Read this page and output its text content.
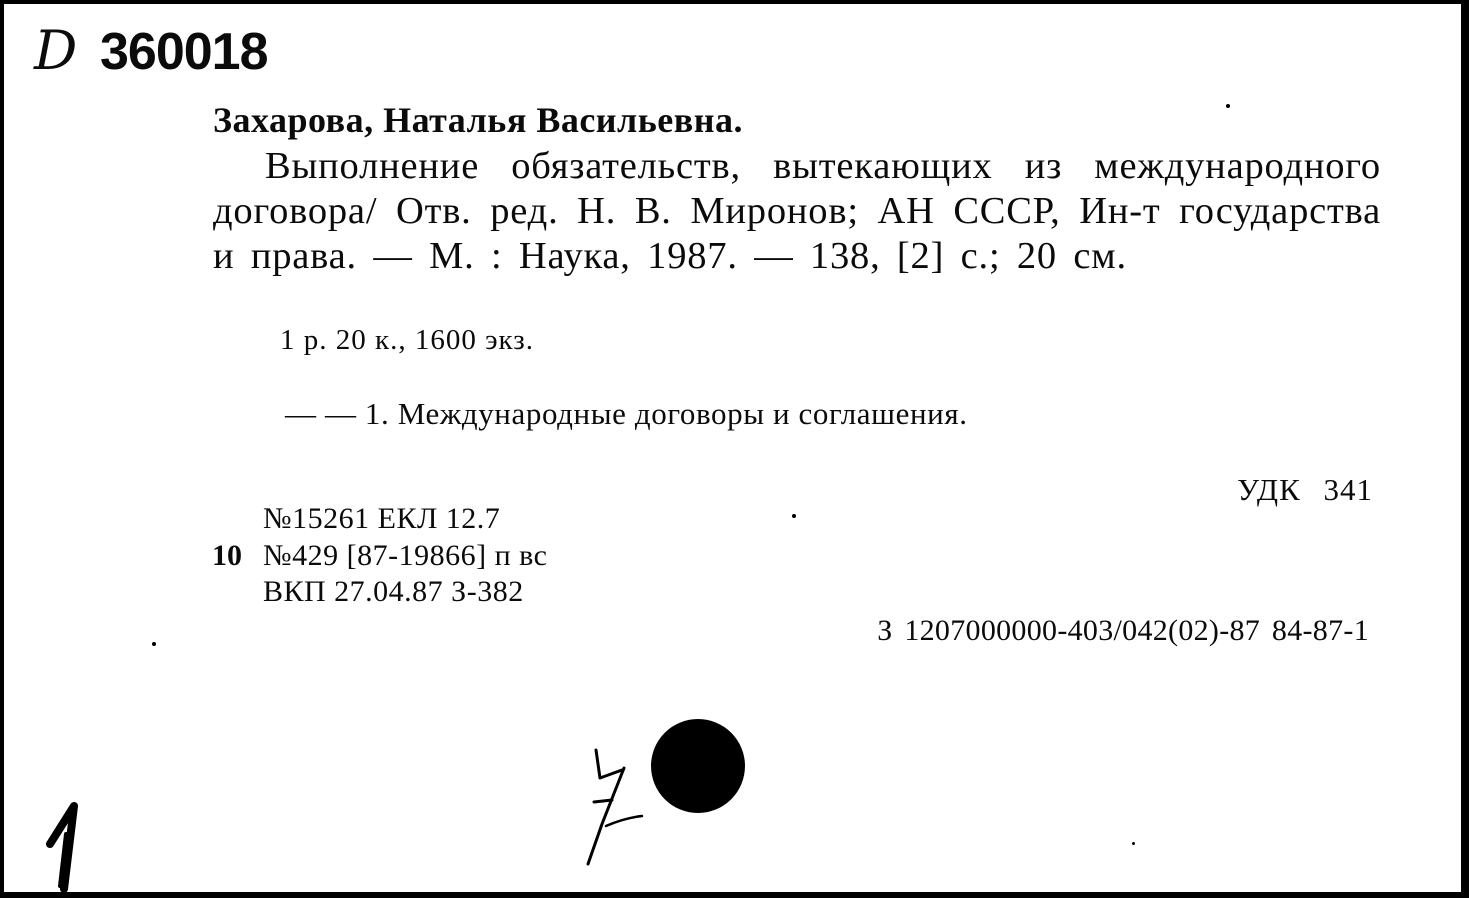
D 360018
Захарова, Наталья Васильевна.

Выполнение обязательств, вытекающих из международного договора/ Отв. ред. Н. В. Миронов; АН СССР, Ин-т государства и права. — М. : Наука, 1987. — 138, [2] с.; 20 см.

1 р. 20 к., 1600 экз.
— — 1. Международные договоры и соглашения.
УДК 341
10
№15261 ЕКЛ 12.7
№429 [87-19866] п вс
ВКП 27.04.87 З-382
З 1207000000-403/042(02)-87 84-87-1
